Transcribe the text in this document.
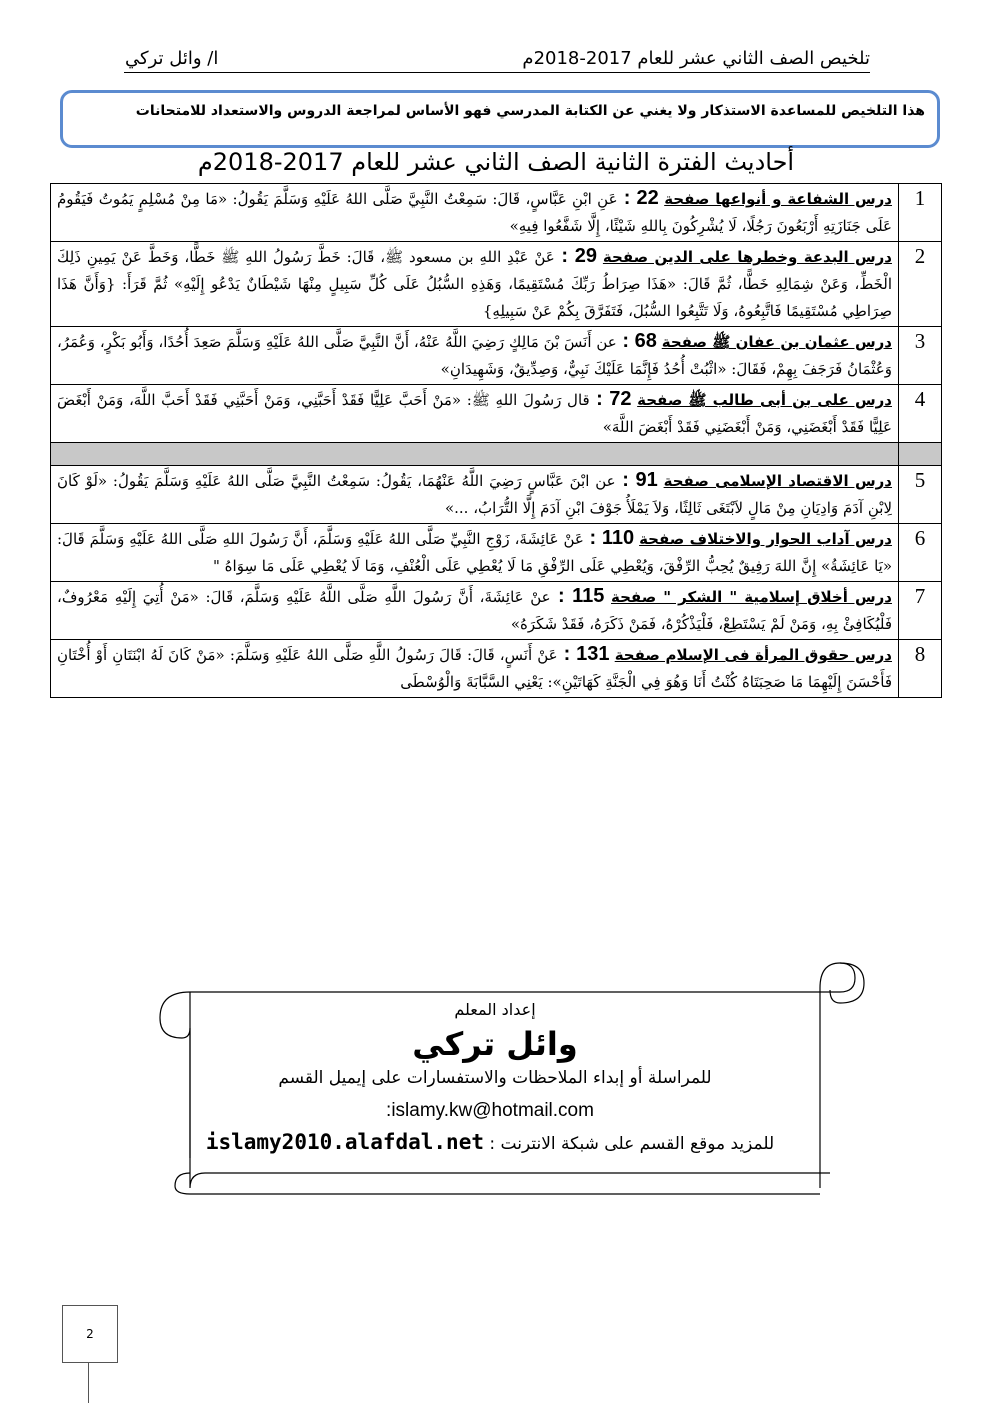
تلخيص الصف الثاني عشر للعام 2017-2018م
ا/ وائل تركي
هذا التلخيص للمساعدة الاستذكار ولا يغني عن الكتابة المدرسي فهو الأساس لمراجعة الدروس والاستعداد للامتحانات
أحاديث الفترة الثانية الصف الثاني عشر للعام 2017-2018م
1	درس الشفاعة و أنواعها صفحة 22 : عَنِ ابْنِ عَبَّاسٍ، قَالَ: سَمِعْتُ النَّبِيَّ صَلَّى اللهُ عَلَيْهِ وَسَلَّمَ يَقُولُ: «مَا مِنْ مُسْلِمٍ يَمُوتُ فَيَقُومُ عَلَى جَنَازَتِهِ أَرْبَعُونَ رَجُلًا، لَا يُشْرِكُونَ بِاللهِ شَيْئًا، إِلَّا شَفَّعُوا فِيهِ»
2	درس البدعة وخطرها على الدين صفحة 29 : عَنْ عَبْدِ اللهِ بن مسعود ﷺ، قَالَ: خَطَّ رَسُولُ اللهِ ﷺ خَطًّا، وَخَطَّ عَنْ يَمِينِ ذَلِكَ الْخَطِّ، وَعَنْ شِمَالِهِ خَطًّا، ثُمَّ قَالَ: «هَذَا صِرَاطُ رَبِّكَ مُسْتَقِيمًا، وَهَذِهِ السُّبُلُ عَلَى كُلِّ سَبِيلٍ مِنْهَا شَيْطَانٌ يَدْعُو إِلَيْهِ» ثُمَّ قَرَأَ: {وَأَنَّ هَذَا صِرَاطِي مُسْتَقِيمًا فَاتَّبِعُوهُ، وَلَا تَتَّبِعُوا السُّبُلَ، فَتَفَرَّقَ بِكُمْ عَنْ سَبِيلِهِ}
3	درس عثمان بن عفان ﷺ صفحة 68 : عن أَنَسَ بْنَ مَالِكٍ رَضِيَ اللَّهُ عَنْهُ، أَنَّ النَّبِيَّ صَلَّى اللهُ عَلَيْهِ وَسَلَّمَ صَعِدَ أُحُدًا، وَأَبُو بَكْرٍ، وَعُمَرُ، وَعُثْمَانُ فَرَجَفَ بِهِمْ، فَقَالَ: «اثْبُتْ أُحُدُ فَإِنَّمَا عَلَيْكَ نَبِيٌّ، وَصِدِّيقٌ، وَشَهِيدَانِ»
4	درس على بن أبى طالب ﷺ صفحة 72 : قال رَسُولَ اللهِ ﷺ: «مَنْ أَحَبَّ عَلِيًّا فَقَدْ أَحَبَّنِي، وَمَنْ أَحَبَّنِي فَقَدْ أَحَبَّ اللَّهَ، وَمَنْ أَبْغَضَ عَلِيًّا فَقَدْ أَبْغَضَنِي، وَمَنْ أَبْغَضَنِي فَقَدْ أَبْغَضَ اللَّهَ»

5	درس الاقتصاد الإسلامى صفحة 91 : عن ابْنَ عَبَّاسٍ رَضِيَ اللَّهُ عَنْهُمَا، يَقُولُ: سَمِعْتُ النَّبِيَّ صَلَّى اللهُ عَلَيْهِ وَسَلَّمَ يَقُولُ: «لَوْ كَانَ لِابْنِ آدَمَ وَادِيَانِ مِنْ مَالٍ لاَبْتَغَى ثَالِثًا، وَلاَ يَمْلَأُ جَوْفَ ابْنِ آدَمَ إِلَّا التُّرَابُ، ...»
6	درس آداب الحوار والاختلاف صفحة 110 : عَنْ عَائِشَةَ، زَوْجِ النَّبِيِّ صَلَّى اللهُ عَلَيْهِ وَسَلَّمَ، أَنَّ رَسُولَ اللهِ صَلَّى اللهُ عَلَيْهِ وَسَلَّمَ قَالَ: «يَا عَائِشَةُ» إِنَّ اللهَ رَفِيقٌ يُحِبُّ الرِّفْقَ، وَيُعْطِي عَلَى الرِّفْقِ مَا لَا يُعْطِي عَلَى الْعُنْفِ، وَمَا لَا يُعْطِي عَلَى مَا سِوَاهُ "
7	درس أخلاق إسلامية " الشكر " صفحة 115 : عنْ عَائِشَةَ، أَنَّ رَسُولَ اللَّهِ صَلَّى اللَّهُ عَلَيْهِ وَسَلَّمَ، قَالَ: «مَنْ أُتِيَ إِلَيْهِ مَعْرُوفٌ، فَلْيُكَافِئْ بِهِ، وَمَنْ لَمْ يَسْتَطِعْ، فَلْيَذْكُرْهُ، فَمَنْ ذَكَرَهُ، فَقَدْ شَكَرَهُ»
8	درس حقوق المرأة فى الإسلام صفحة 131 : عَنْ أَنَسٍ، قَالَ: قَالَ رَسُولُ اللَّهِ صَلَّى اللهُ عَلَيْهِ وَسَلَّمَ: «مَنْ كَانَ لَهُ ابْنَتَانِ أَوْ أُخْتَانِ فَأَحْسَنَ إِلَيْهِمَا مَا صَحِبَتَاهُ كُنْتُ أَنَا وَهُوَ فِي الْجَنَّةِ كَهَاتَيْنِ»: يَعْنِي السَّبَّابَةَ وَالْوُسْطَى
إعداد المعلم
وائل تركي
للمراسلة أو إبداء الملاحظات والاستفسارات على إيميل القسم
islamy.kw@hotmail.com:
للمزيد موقع القسم على شبكة الانترنت : islamy2010.alafdal.net
2
